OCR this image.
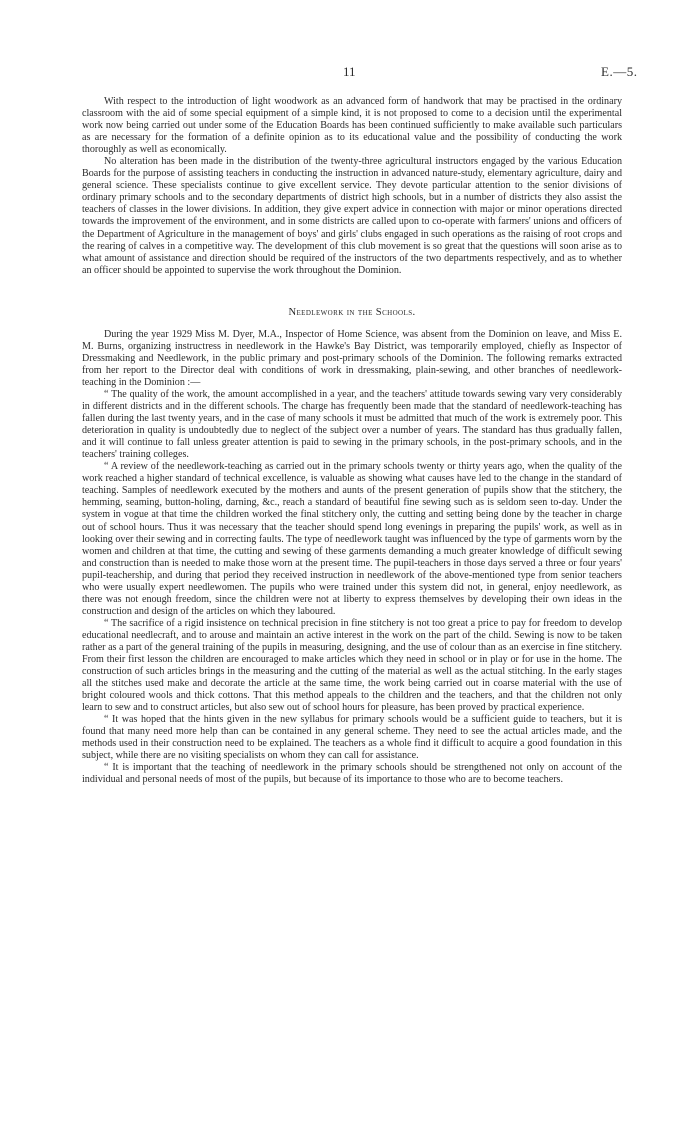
11	E.—5.

With respect to the introduction of light woodwork as an advanced form of handwork that may be practised in the ordinary classroom with the aid of some special equipment of a simple kind, it is not proposed to come to a decision until the experimental work now being carried out under some of the Education Boards has been continued sufficiently to make available such particulars as are necessary for the formation of a definite opinion as to its educational value and the possibility of conducting the work thoroughly as well as economically.

No alteration has been made in the distribution of the twenty-three agricultural instructors engaged by the various Education Boards for the purpose of assisting teachers in conducting the instruction in advanced nature-study, elementary agriculture, dairy and general science. These specialists continue to give excellent service. They devote particular attention to the senior divisions of ordinary primary schools and to the secondary departments of district high schools, but in a number of districts they also assist the teachers of classes in the lower divisions. In addition, they give expert advice in connection with major or minor operations directed towards the improvement of the environment, and in some districts are called upon to co-operate with farmers' unions and officers of the Department of Agriculture in the management of boys' and girls' clubs engaged in such operations as the raising of root crops and the rearing of calves in a competitive way. The development of this club movement is so great that the questions will soon arise as to what amount of assistance and direction should be required of the instructors of the two departments respectively, and as to whether an officer should be appointed to supervise the work throughout the Dominion.

Needlework in the Schools.

During the year 1929 Miss M. Dyer, M.A., Inspector of Home Science, was absent from the Dominion on leave, and Miss E. M. Burns, organizing instructress in needlework in the Hawke's Bay District, was temporarily employed, chiefly as Inspector of Dressmaking and Needlework, in the public primary and post-primary schools of the Dominion. The following remarks extracted from her report to the Director deal with conditions of work in dressmaking, plain-sewing, and other branches of needlework-teaching in the Dominion :—

“ The quality of the work, the amount accomplished in a year, and the teachers' attitude towards sewing vary very considerably in different districts and in the different schools. The charge has frequently been made that the standard of needlework-teaching has fallen during the last twenty years, and in the case of many schools it must be admitted that much of the work is extremely poor. This deterioration in quality is undoubtedly due to neglect of the subject over a number of years. The standard has thus gradually fallen, and it will continue to fall unless greater attention is paid to sewing in the primary schools, in the post-primary schools, and in the teachers' training colleges.

“ A review of the needlework-teaching as carried out in the primary schools twenty or thirty years ago, when the quality of the work reached a higher standard of technical excellence, is valuable as showing what causes have led to the change in the standard of teaching. Samples of needlework executed by the mothers and aunts of the present generation of pupils show that the stitchery, the hemming, seaming, button-holing, darning, &c., reach a standard of beautiful fine sewing such as is seldom seen to-day. Under the system in vogue at that time the children worked the final stitchery only, the cutting and setting being done by the teacher in charge out of school hours. Thus it was necessary that the teacher should spend long evenings in preparing the pupils' work, as well as in looking over their sewing and in correcting faults. The type of needlework taught was influenced by the type of garments worn by the women and children at that time, the cutting and sewing of these garments demanding a much greater knowledge of difficult sewing and construction than is needed to make those worn at the present time. The pupil-teachers in those days served a three or four years' pupil-teachership, and during that period they received instruction in needlework of the above-mentioned type from senior teachers who were usually expert needlewomen. The pupils who were trained under this system did not, in general, enjoy needlework, as there was not enough freedom, since the children were not at liberty to express themselves by developing their own ideas in the construction and design of the articles on which they laboured.

“ The sacrifice of a rigid insistence on technical precision in fine stitchery is not too great a price to pay for freedom to develop educational needlecraft, and to arouse and maintain an active interest in the work on the part of the child. Sewing is now to be taken rather as a part of the general training of the pupils in measuring, designing, and the use of colour than as an exercise in fine stitchery. From their first lesson the children are encouraged to make articles which they need in school or in play or for use in the home. The construction of such articles brings in the measuring and the cutting of the material as well as the actual stitching. In the early stages all the stitches used make and decorate the article at the same time, the work being carried out in coarse material with the use of bright coloured wools and thick cottons. That this method appeals to the children and the teachers, and that the children not only learn to sew and to construct articles, but also sew out of school hours for pleasure, has been proved by practical experience.

“ It was hoped that the hints given in the new syllabus for primary schools would be a sufficient guide to teachers, but it is found that many need more help than can be contained in any general scheme. They need to see the actual articles made, and the methods used in their construction need to be explained. The teachers as a whole find it difficult to acquire a good foundation in this subject, while there are no visiting specialists on whom they can call for assistance.

“ It is important that the teaching of needlework in the primary schools should be strengthened not only on account of the individual and personal needs of most of the pupils, but because of its importance to those who are to become teachers.
